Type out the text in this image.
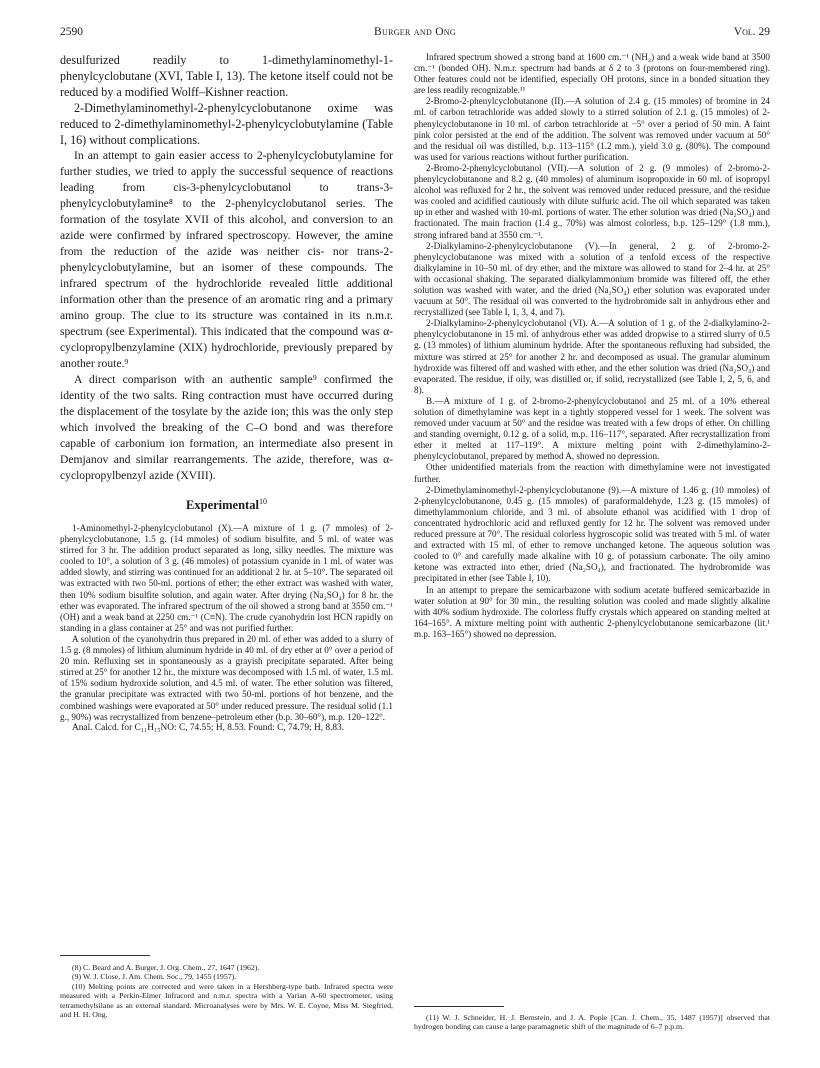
2590	Burger and Ong	Vol. 29

desulfurized readily to 1-dimethylaminomethyl-1-phenylcyclobutane (XVI, Table I, 13). The ketone itself could not be reduced by a modified Wolff–Kishner reaction.

2-Dimethylaminomethyl-2-phenylcyclobutanone oxime was reduced to 2-dimethylaminomethyl-2-phenylcyclobutylamine (Table I, 16) without complications.

In an attempt to gain easier access to 2-phenylcyclobutylamine for further studies, we tried to apply the successful sequence of reactions leading from cis-3-phenylcyclobutanol to trans-3-phenylcyclobutylamine⁸ to the 2-phenylcyclobutanol series. The formation of the tosylate XVII of this alcohol, and conversion to an azide were confirmed by infrared spectroscopy. However, the amine from the reduction of the azide was neither cis- nor trans-2-phenylcyclobutylamine, but an isomer of these compounds. The infrared spectrum of the hydrochloride revealed little additional information other than the presence of an aromatic ring and a primary amino group. The clue to its structure was contained in its n.m.r. spectrum (see Experimental). This indicated that the compound was α-cyclopropylbenzylamine (XIX) hydrochloride, previously prepared by another route.⁹

A direct comparison with an authentic sample⁹ confirmed the identity of the two salts. Ring contraction must have occurred during the displacement of the tosylate by the azide ion; this was the only step which involved the breaking of the C–O bond and was therefore capable of carbonium ion formation, an intermediate also present in Demjanov and similar rearrangements. The azide, therefore, was α-cyclopropylbenzyl azide (XVIII).

Experimental$^{10}$

1-Aminomethyl-2-phenylcyclobutanol (X).—A mixture of 1 g. (7 mmoles) of 2-phenylcyclobutanone, 1.5 g. (14 mmoles) of sodium bisulfite, and 5 ml. of water was stirred for 3 hr. The addition product separated as long, silky needles. The mixture was cooled to 10°, a solution of 3 g. (46 mmoles) of potassium cyanide in 1 ml. of water was added slowly, and stirring was continued for an additional 2 hr. at 5–10°. The separated oil was extracted with two 50-ml. portions of ether; the ether extract was washed with water, then 10% sodium bisulfite solution, and again water. After drying (Na₂SO₄) for 8 hr. the ether was evaporated. The infrared spectrum of the oil showed a strong band at 3550 cm.⁻¹ (OH) and a weak band at 2250 cm.⁻¹ (C≡N). The crude cyanohydrin lost HCN rapidly on standing in a glass container at 25° and was not purified further.

A solution of the cyanohydrin thus prepared in 20 ml. of ether was added to a slurry of 1.5 g. (8 mmoles) of lithium aluminum hydride in 40 ml. of dry ether at 0° over a period of 20 min. Refluxing set in spontaneously as a grayish precipitate separated. After being stirred at 25° for another 12 hr., the mixture was decomposed with 1.5 ml. of water, 1.5 ml. of 15% sodium hydroxide solution, and 4.5 ml. of water. The ether solution was filtered, the granular precipitate was extracted with two 50-ml. portions of hot benzene, and the combined washings were evaporated at 50° under reduced pressure. The residual solid (1.1 g., 90%) was recrystallized from benzene–petroleum ether (b.p. 30–60°), m.p. 120–122°.

Anal. Calcd. for C₁₁H₁₅NO: C, 74.55; H, 8.53. Found: C, 74.79; H, 8.83.

(8) C. Beard and A. Burger, J. Org. Chem., 27, 1647 (1962).

(9) W. J. Close, J. Am. Chem. Soc., 79, 1455 (1957).

(10) Melting points are corrected and were taken in a Hershberg-type bath. Infrared spectra were measured with a Perkin-Elmer Infracord and n.m.r. spectra with a Varian A-60 spectrometer, using tetramethylsilane as an external standard. Microanalyses were by Mrs. W. E. Coyne, Miss M. Siegfried, and H. H. Ong.

Infrared spectrum showed a strong band at 1600 cm.⁻¹ (NH₂) and a weak wide band at 3500 cm.⁻¹ (bonded OH). N.m.r. spectrum had bands at δ 2 to 3 (protons on four-membered ring). Other features could not be identified, especially OH protons, since in a bonded situation they are less readily recognizable.¹¹

2-Bromo-2-phenylcyclobutanone (II).—A solution of 2.4 g. (15 mmoles) of bromine in 24 ml. of carbon tetrachloride was added slowly to a stirred solution of 2.1 g. (15 mmoles) of 2-phenylcyclobutanone in 10 ml. of carbon tetrachloride at −5° over a period of 50 min. A faint pink color persisted at the end of the addition. The solvent was removed under vacuum at 50° and the residual oil was distilled, b.p. 113–115° (1.2 mm.), yield 3.0 g. (80%). The compound was used for various reactions without further purification.

2-Bromo-2-phenylcyclobutanol (VII).—A solution of 2 g. (9 mmoles) of 2-bromo-2-phenylcyclobutanone and 8.2 g. (40 mmoles) of aluminum isopropoxide in 60 ml. of isopropyl alcohol was refluxed for 2 hr., the solvent was removed under reduced pressure, and the residue was cooled and acidified cautiously with dilute sulfuric acid. The oil which separated was taken up in ether and washed with 10-ml. portions of water. The ether solution was dried (Na₂SO₄) and fractionated. The main fraction (1.4 g., 70%) was almost colorless, b.p. 125–129° (1.8 mm.), strong infrared band at 3550 cm.⁻¹.

2-Dialkylamino-2-phenylcyclobutanone (V).—In general, 2 g. of 2-bromo-2-phenylcyclobutanone was mixed with a solution of a tenfold excess of the respective dialkylamine in 10–50 ml. of dry ether, and the mixture was allowed to stand for 2–4 hr. at 25° with occasional shaking. The separated dialkylammonium bromide was filtered off, the ether solution was washed with water, and the dried (Na₂SO₄) ether solution was evaporated under vacuum at 50°. The residual oil was converted to the hydrobromide salt in anhydrous ether and recrystallized (see Table I, 1, 3, 4, and 7).

2-Dialkylamino-2-phenylcyclobutanol (VI). A.—A solution of 1 g. of the 2-dialkylamino-2-phenylcyclobutanone in 15 ml. of anhydrous ether was added dropwise to a stirred slurry of 0.5 g. (13 mmoles) of lithium aluminum hydride. After the spontaneous refluxing had subsided, the mixture was stirred at 25° for another 2 hr. and decomposed as usual. The granular aluminum hydroxide was filtered off and washed with ether, and the ether solution was dried (Na₂SO₄) and evaporated. The residue, if oily, was distilled or, if solid, recrystallized (see Table I, 2, 5, 6, and 8).

B.—A mixture of 1 g. of 2-bromo-2-phenylcyclobutanol and 25 ml. of a 10% ethereal solution of dimethylamine was kept in a tightly stoppered vessel for 1 week. The solvent was removed under vacuum at 50° and the residue was treated with a few drops of ether. On chilling and standing overnight, 0.12 g. of a solid, m.p. 116–117°, separated. After recrystallization from ether it melted at 117–119°. A mixture melting point with 2-dimethylamino-2-phenylcyclobutanol, prepared by method A, showed no depression.

Other unidentified materials from the reaction with dimethylamine were not investigated further.

2-Dimethylaminomethyl-2-phenylcyclobutanone (9).—A mixture of 1.46 g. (10 mmoles) of 2-phenylcyclobutanone, 0.45 g. (15 mmoles) of paraformaldehyde, 1.23 g. (15 mmoles) of dimethylammonium chloride, and 3 ml. of absolute ethanol was acidified with 1 drop of concentrated hydrochloric acid and refluxed gently for 12 hr. The solvent was removed under reduced pressure at 70°. The residual colorless hygroscopic solid was treated with 5 ml. of water and extracted with 15 ml. of ether to remove unchanged ketone. The aqueous solution was cooled to 0° and carefully made alkaline with 10 g. of potassium carbonate. The oily amino ketone was extracted into ether, dried (Na₂SO₄), and fractionated. The hydrobromide was precipitated in ether (see Table I, 10).

In an attempt to prepare the semicarbazone with sodium acetate buffered semicarbazide in water solution at 90° for 30 min., the resulting solution was cooled and made slightly alkaline with 40% sodium hydroxide. The colorless fluffy crystals which appeared on standing melted at 164–165°. A mixture melting point with authentic 2-phenylcyclobutanone semicarbazone (lit.¹ m.p. 163–165°) showed no depression.

(11) W. J. Schneider, H. J. Bernstein, and J. A. Pople [Can. J. Chem., 35, 1487 (1957)] observed that hydrogen bonding can cause a large paramagnetic shift of the magnitude of 6–7 p.p.m.
